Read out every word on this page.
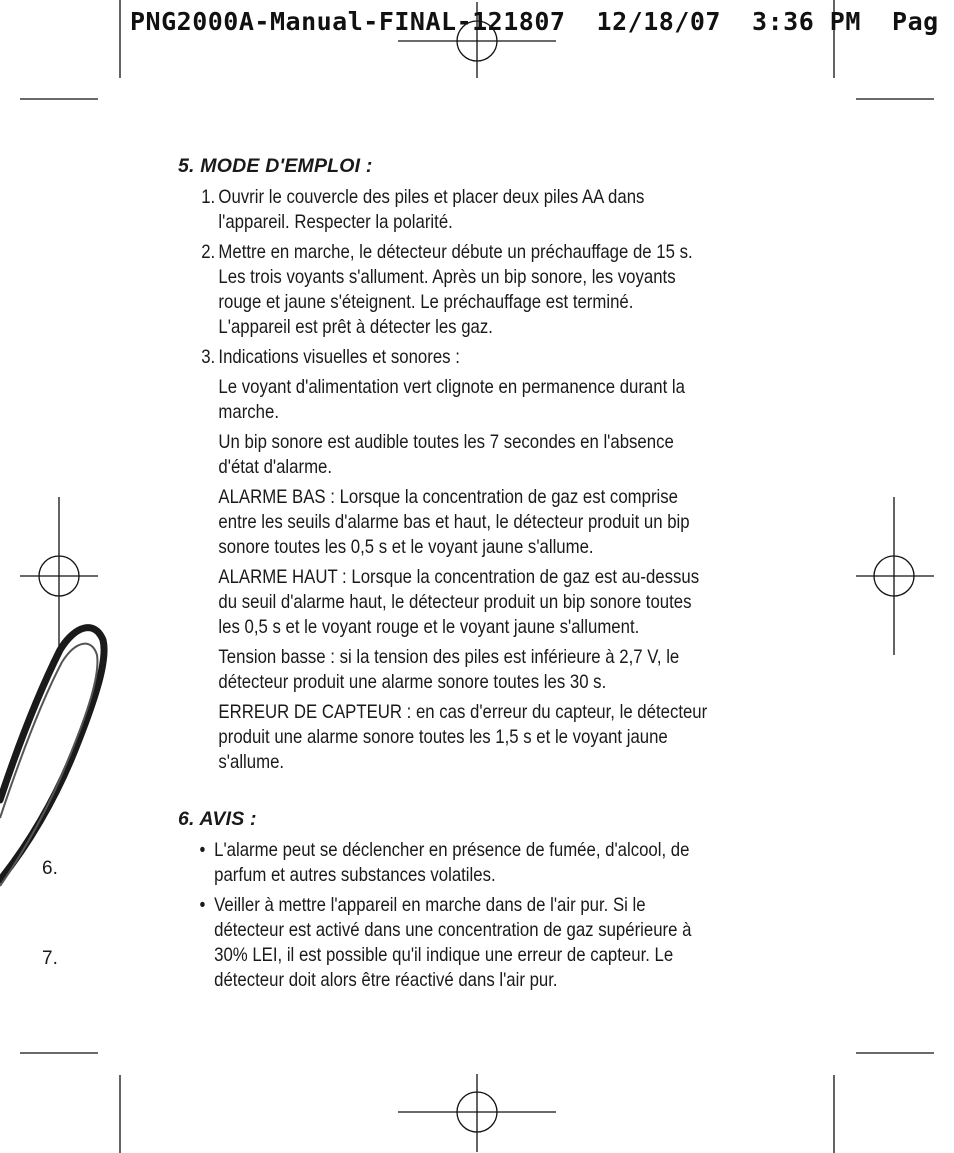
PNG2000A-Manual-FINAL-121807  12/18/07  3:36 PM  Pag
6.
7.
5. MODE D'EMPLOI :
1. Ouvrir le couvercle des piles et placer deux piles AA dans
l'appareil. Respecter la polarité.
2. Mettre en marche, le détecteur débute un préchauffage de 15 s.
Les trois voyants s'allument. Après un bip sonore, les voyants
rouge et jaune s'éteignent. Le préchauffage est terminé.
L'appareil est prêt à détecter les gaz.
3. Indications visuelles et sonores :
Le voyant d'alimentation vert clignote en permanence durant la
marche.
Un bip sonore est audible toutes les 7 secondes en l'absence
d'état d'alarme.
ALARME BAS : Lorsque la concentration de gaz est comprise
entre les seuils d'alarme bas et haut, le détecteur produit un bip
sonore toutes les 0,5 s et le voyant jaune s'allume.
ALARME HAUT : Lorsque la concentration de gaz est au-dessus
du seuil d'alarme haut, le détecteur produit un bip sonore toutes
les 0,5 s et le voyant rouge et le voyant jaune s'allument.
Tension basse : si la tension des piles est inférieure à 2,7 V, le
détecteur produit une alarme sonore toutes les 30 s.
ERREUR DE CAPTEUR : en cas d'erreur du capteur, le détecteur
produit une alarme sonore toutes les 1,5 s et le voyant jaune
s'allume.
6. AVIS :
• L'alarme peut se déclencher en présence de fumée, d'alcool, de
parfum et autres substances volatiles.
• Veiller à mettre l'appareil en marche dans de l'air pur. Si le
détecteur est activé dans une concentration de gaz supérieure à
30% LEI, il est possible qu'il indique une erreur de capteur. Le
détecteur doit alors être réactivé dans l'air pur.
